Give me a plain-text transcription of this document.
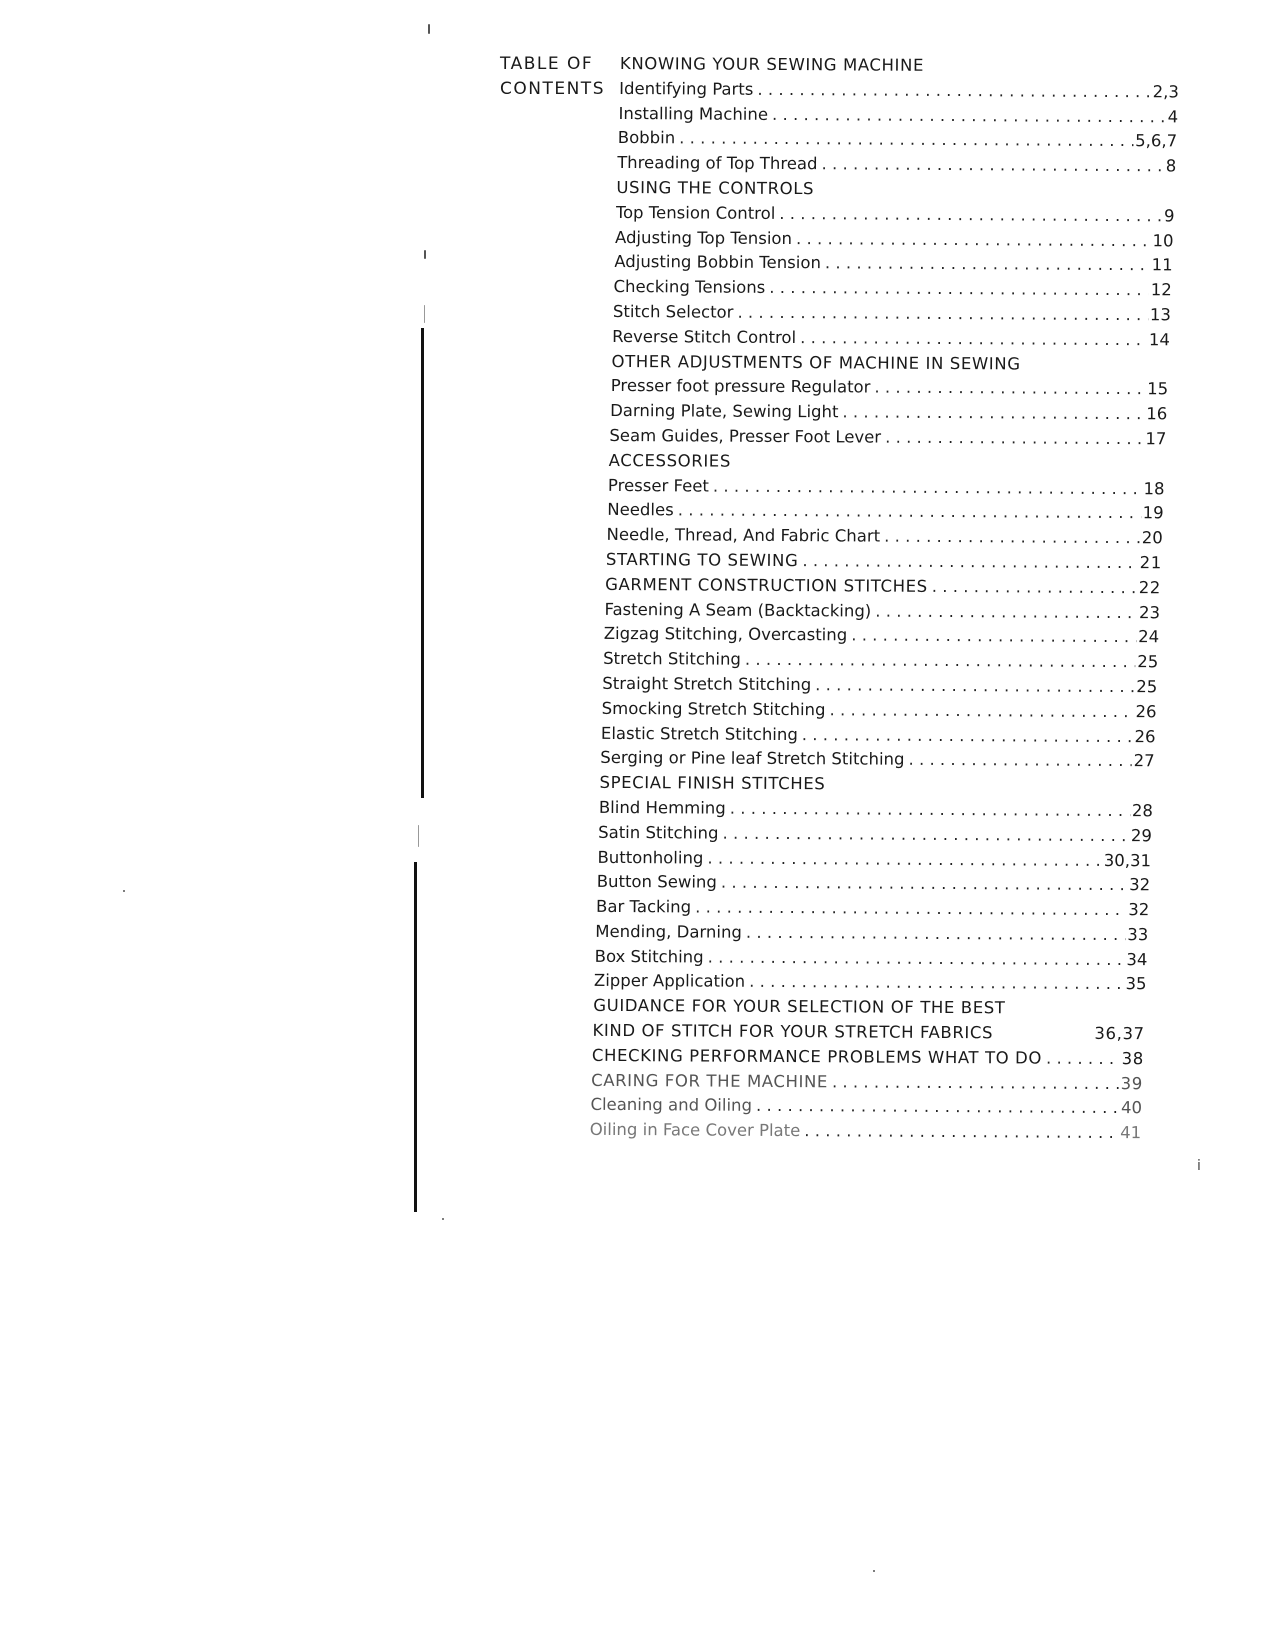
TABLE OF
CONTENTS
KNOWING YOUR SEWING MACHINE
Identifying Parts . . .	2,3
Installing Machine . . .	4
Bobbin . . .	5,6,7
Threading of Top Thread . . .	8
USING THE CONTROLS
Top Tension Control . . .	9
Adjusting Top Tension . . .	10
Adjusting Bobbin Tension . . .	11
Checking Tensions . . .	12
Stitch Selector . . .	13
Reverse Stitch Control . . .	14
OTHER ADJUSTMENTS OF MACHINE IN SEWING
Presser foot pressure Regulator . . .	15
Darning Plate, Sewing Light . . .	16
Seam Guides, Presser Foot Lever . . .	17
ACCESSORIES
Presser Feet . . .	18
Needles . . .	19
Needle, Thread, And Fabric Chart . . .	20
STARTING TO SEWING . . .	21
GARMENT CONSTRUCTION STITCHES . . .	22
Fastening A Seam (Backtacking) . . .	23
Zigzag Stitching, Overcasting . . .	24
Stretch Stitching . . .	25
Straight Stretch Stitching . . .	25
Smocking Stretch Stitching . . .	26
Elastic Stretch Stitching . . .	26
Serging or Pine leaf Stretch Stitching . . .	27
SPECIAL FINISH STITCHES
Blind Hemming . . .	28
Satin Stitching . . .	29
Buttonholing . . .	30,31
Button Sewing . . .	32
Bar Tacking . . .	32
Mending, Darning . . .	33
Box Stitching . . .	34
Zipper Application . . .	35
GUIDANCE FOR YOUR SELECTION OF THE BEST
KIND OF STITCH FOR YOUR STRETCH FABRICS	36,37
CHECKING PERFORMANCE PROBLEMS WHAT TO DO . . .	38
CARING FOR THE MACHINE . . .	39
Cleaning and Oiling . . .	40
Oiling in Face Cover Plate . . .	41
i
